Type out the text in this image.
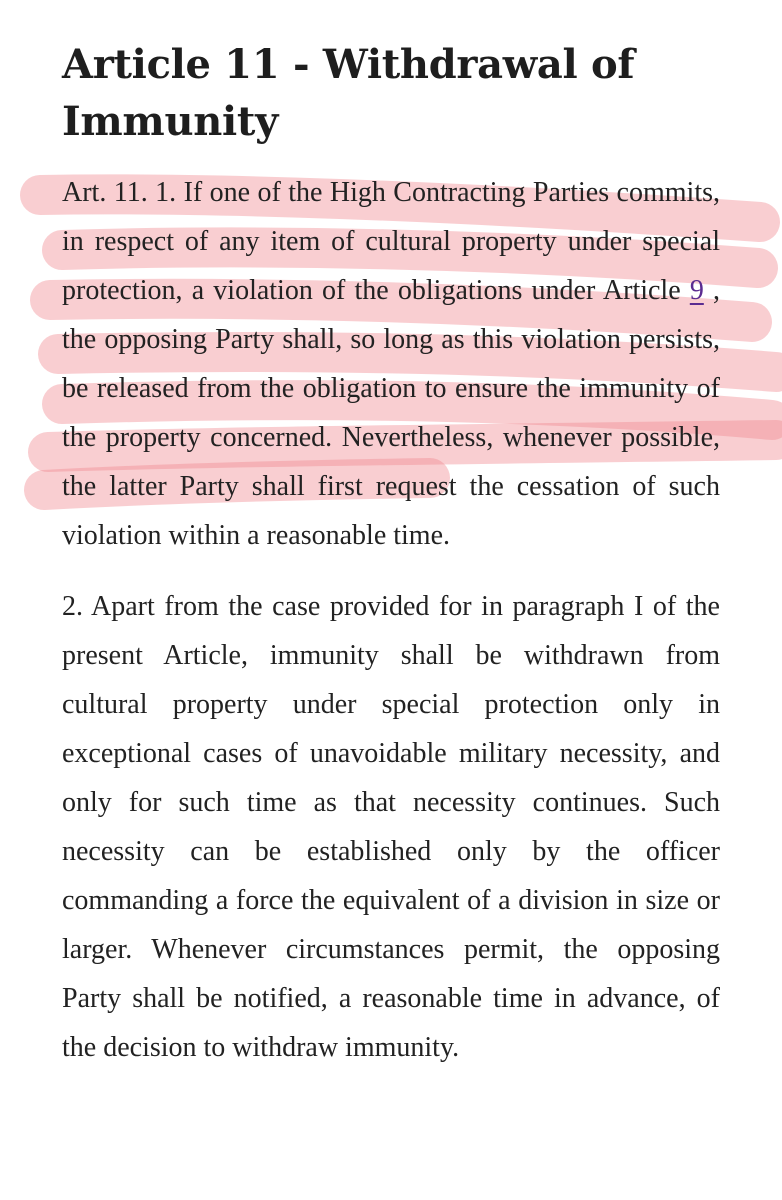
Article 11 - Withdrawal of Immunity

Art. 11. 1. If one of the High Contracting Parties commits, in respect of any item of cultural property under special protection, a violation of the obligations under Article 9 , the opposing Party shall, so long as this violation persists, be released from the obligation to ensure the immunity of the property concerned. Nevertheless, whenever possible, the latter Party shall first request the cessation of such violation within a reasonable time.

2. Apart from the case provided for in paragraph I of the present Article, immunity shall be withdrawn from cultural property under special protection only in exceptional cases of unavoidable military necessity, and only for such time as that necessity continues. Such necessity can be established only by the officer commanding a force the equivalent of a division in size or larger. Whenever circumstances permit, the opposing Party shall be notified, a reasonable time in advance, of the decision to withdraw immunity.
